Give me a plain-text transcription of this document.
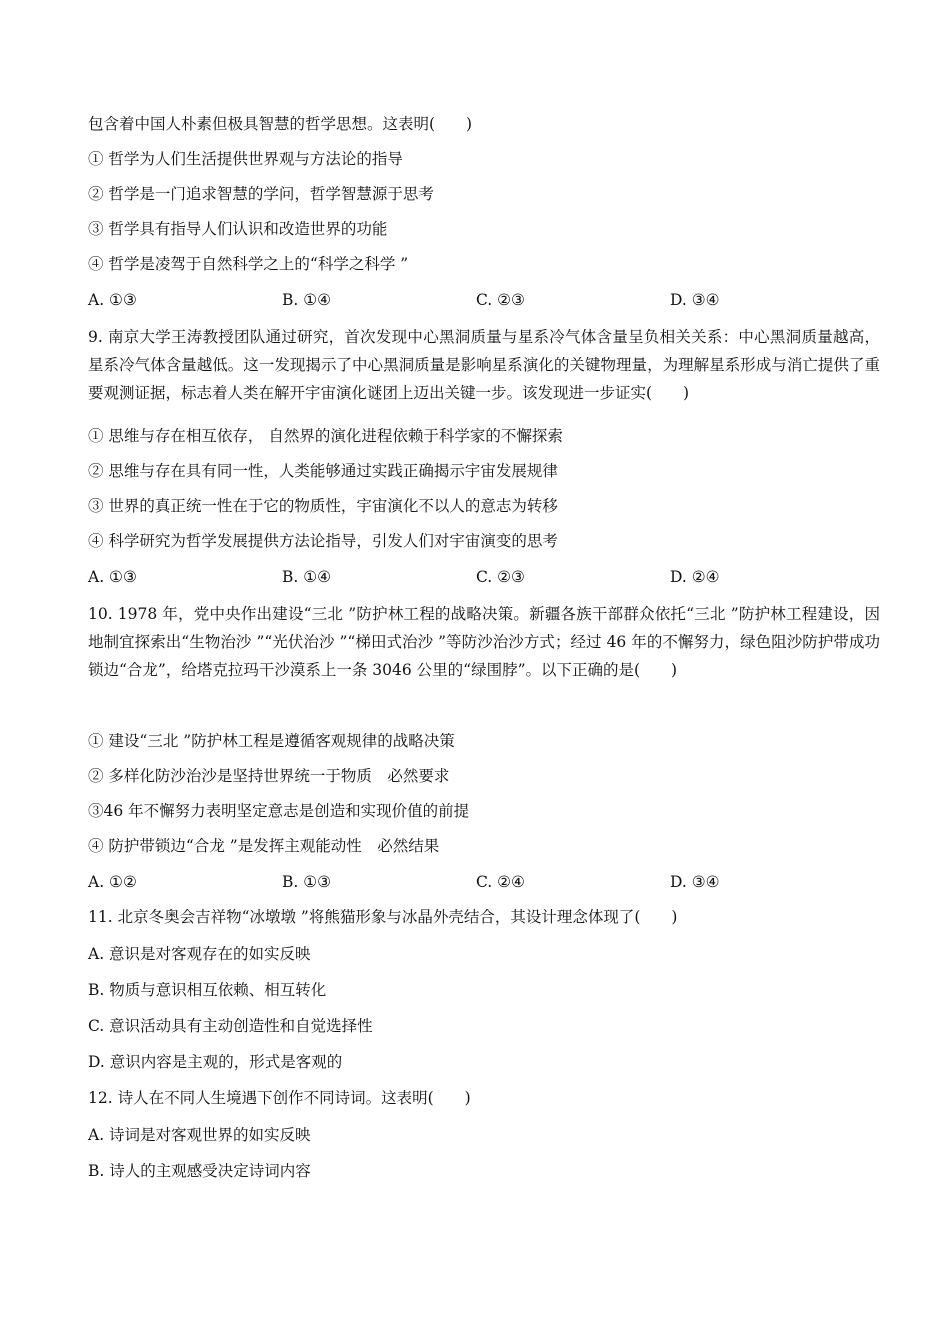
包含着中国人朴素但极具智慧的哲学思想。这表明(　　)
① 哲学为人们生活提供世界观与方法论的指导
② 哲学是一门追求智慧的学问，哲学智慧源于思考
③ 哲学具有指导人们认识和改造世界的功能
④ 哲学是凌驾于自然科学之上的“科学之科学 ”
A. ①③	B. ①④	C. ②③	D. ③④
9. 南京大学王涛教授团队通过研究，首次发现中心黑洞质量与星系冷气体含量呈负相关关系：中心黑洞质量越高，星系冷气体含量越低。这一发现揭示了中心黑洞质量是影响星系演化的关键物理量，为理解星系形成与消亡提供了重要观测证据，标志着人类在解开宇宙演化谜团上迈出关键一步。该发现进一步证实(　　)
① 思维与存在相互依存， 自然界的演化进程依赖于科学家的不懈探索
② 思维与存在具有同一性，人类能够通过实践正确揭示宇宙发展规律
③ 世界的真正统一性在于它的物质性，宇宙演化不以人的意志为转移
④ 科学研究为哲学发展提供方法论指导，引发人们对宇宙演变的思考
A. ①③	B. ①④	C. ②③	D. ②④
10. 1978 年，党中央作出建设“三北 ”防护林工程的战略决策。新疆各族干部群众依托“三北 ”防护林工程建设，因地制宜探索出“生物治沙 ”“光伏治沙 ”“梯田式治沙 ”等防沙治沙方式；经过 46 年的不懈努力，绿色阻沙防护带成功锁边“合龙”，给塔克拉玛干沙漠系上一条 3046 公里的“绿围脖”。以下正确的是(　　)
① 建设“三北 ”防护林工程是遵循客观规律的战略决策
② 多样化防沙治沙是坚持世界统一于物质　必然要求
③46 年不懈努力表明坚定意志是创造和实现价值的前提
④ 防护带锁边“合龙 ”是发挥主观能动性　必然结果
A. ①②	B. ①③	C. ②④	D. ③④
11. 北京冬奥会吉祥物“冰墩墩 ”将熊猫形象与冰晶外壳结合，其设计理念体现了(　　)
A. 意识是对客观存在的如实反映
B. 物质与意识相互依赖、相互转化
C. 意识活动具有主动创造性和自觉选择性
D. 意识内容是主观的，形式是客观的
12. 诗人在不同人生境遇下创作不同诗词。这表明(　　)
A. 诗词是对客观世界的如实反映
B. 诗人的主观感受决定诗词内容
